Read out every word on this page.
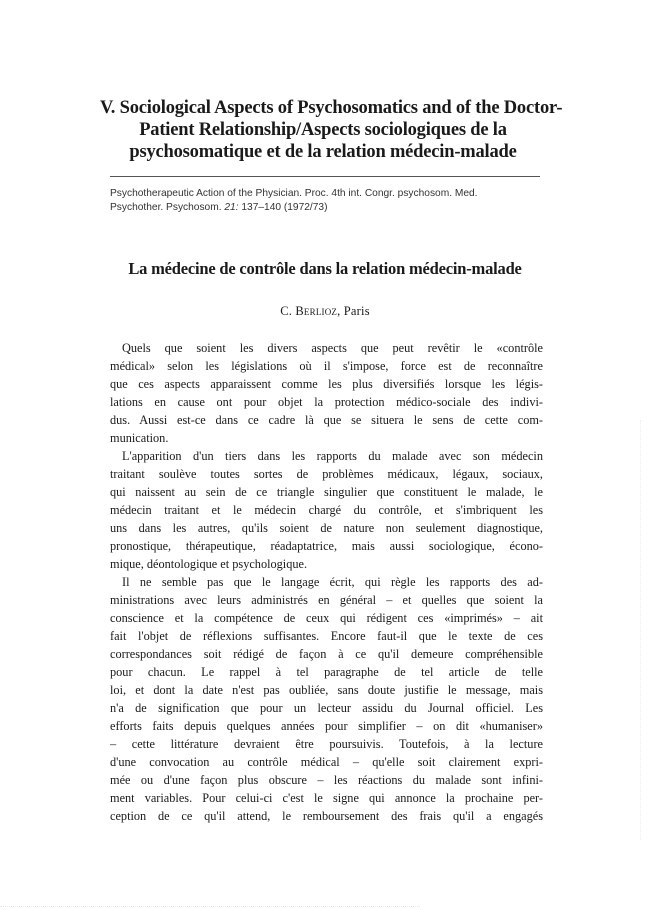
V. Sociological Aspects of Psychosomatics and of the Doctor-
Patient Relationship/Aspects sociologiques de la
psychosomatique et de la relation médecin-malade
Psychotherapeutic Action of the Physician. Proc. 4th int. Congr. psychosom. Med.
Psychother. Psychosom. 21: 137–140 (1972/73)
La médecine de contrôle dans la relation médecin-malade
C. Berlioz, Paris
Quels que soient les divers aspects que peut revêtir le «contrôle
médical» selon les législations où il s'impose, force est de reconnaître
que ces aspects apparaissent comme les plus diversifiés lorsque les légis-
lations en cause ont pour objet la protection médico-sociale des indivi-
dus. Aussi est-ce dans ce cadre là que se situera le sens de cette com-
munication.
L'apparition d'un tiers dans les rapports du malade avec son médecin
traitant soulève toutes sortes de problèmes médicaux, légaux, sociaux,
qui naissent au sein de ce triangle singulier que constituent le malade, le
médecin traitant et le médecin chargé du contrôle, et s'imbriquent les
uns dans les autres, qu'ils soient de nature non seulement diagnostique,
pronostique, thérapeutique, réadaptatrice, mais aussi sociologique, écono-
mique, déontologique et psychologique.
Il ne semble pas que le langage écrit, qui règle les rapports des ad-
ministrations avec leurs administrés en général – et quelles que soient la
conscience et la compétence de ceux qui rédigent ces «imprimés» – ait
fait l'objet de réflexions suffisantes. Encore faut-il que le texte de ces
correspondances soit rédigé de façon à ce qu'il demeure compréhensible
pour chacun. Le rappel à tel paragraphe de tel article de telle
loi, et dont la date n'est pas oubliée, sans doute justifie le message, mais
n'a de signification que pour un lecteur assidu du Journal officiel. Les
efforts faits depuis quelques années pour simplifier – on dit «humaniser»
– cette littérature devraient être poursuivis. Toutefois, à la lecture
d'une convocation au contrôle médical – qu'elle soit clairement expri-
mée ou d'une façon plus obscure – les réactions du malade sont infini-
ment variables. Pour celui-ci c'est le signe qui annonce la prochaine per-
ception de ce qu'il attend, le remboursement des frais qu'il a engagés
